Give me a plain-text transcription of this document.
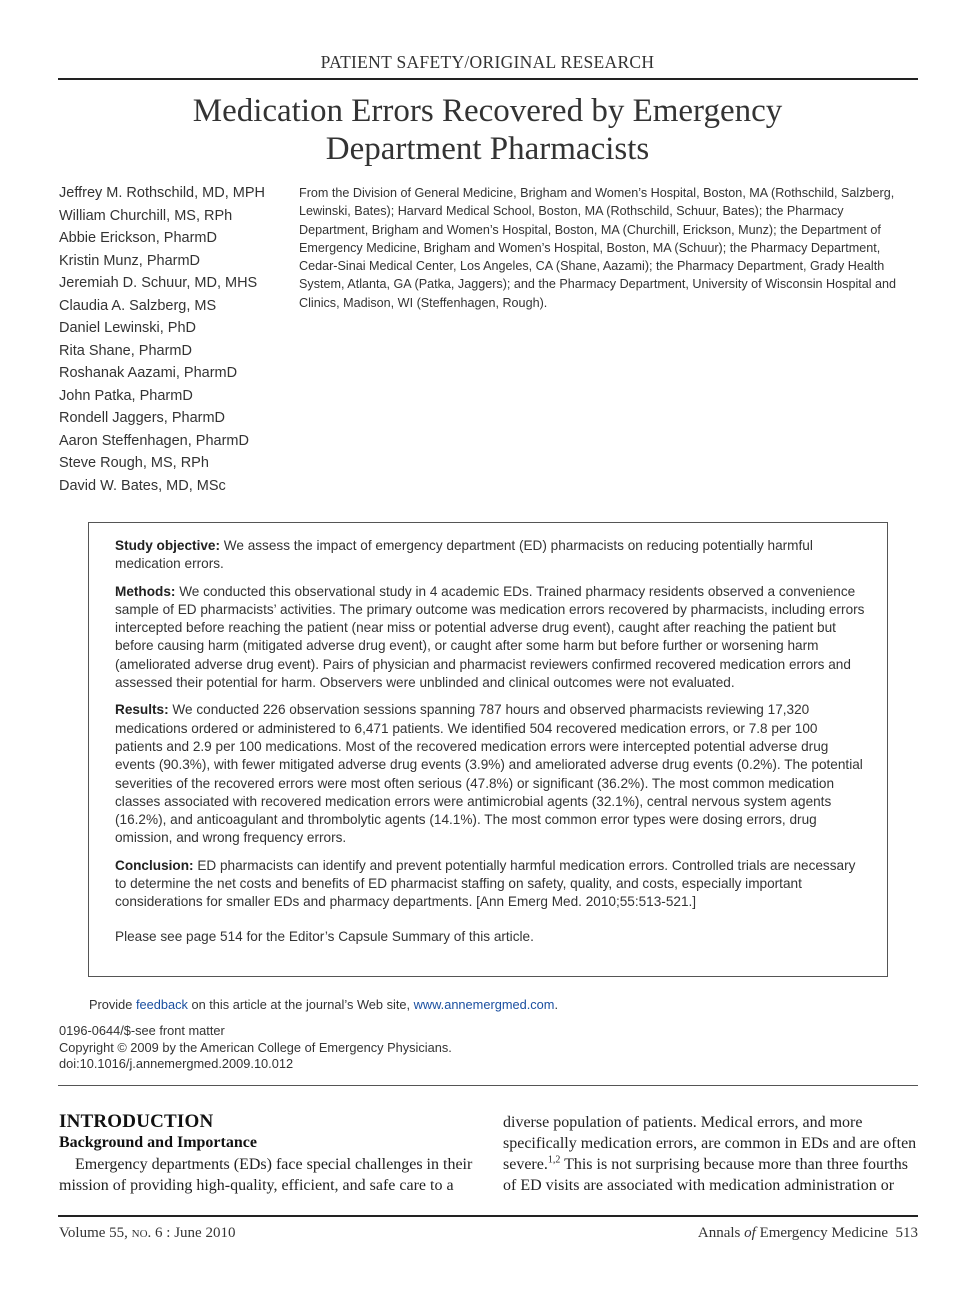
PATIENT SAFETY/ORIGINAL RESEARCH
Medication Errors Recovered by Emergency
Department Pharmacists
Jeffrey M. Rothschild, MD, MPH
William Churchill, MS, RPh
Abbie Erickson, PharmD
Kristin Munz, PharmD
Jeremiah D. Schuur, MD, MHS
Claudia A. Salzberg, MS
Daniel Lewinski, PhD
Rita Shane, PharmD
Roshanak Aazami, PharmD
John Patka, PharmD
Rondell Jaggers, PharmD
Aaron Steffenhagen, PharmD
Steve Rough, MS, RPh
David W. Bates, MD, MSc
From the Division of General Medicine, Brigham and Women’s Hospital, Boston, MA (Rothschild, Salzberg, Lewinski, Bates); Harvard Medical School, Boston, MA (Rothschild, Schuur, Bates); the Pharmacy Department, Brigham and Women’s Hospital, Boston, MA (Churchill, Erickson, Munz); the Department of Emergency Medicine, Brigham and Women’s Hospital, Boston, MA (Schuur); the Pharmacy Department, Cedar-Sinai Medical Center, Los Angeles, CA (Shane, Aazami); the Pharmacy Department, Grady Health System, Atlanta, GA (Patka, Jaggers); and the Pharmacy Department, University of Wisconsin Hospital and Clinics, Madison, WI (Steffenhagen, Rough).

Study objective: We assess the impact of emergency department (ED) pharmacists on reducing potentially harmful medication errors.

Methods: We conducted this observational study in 4 academic EDs. Trained pharmacy residents observed a convenience sample of ED pharmacists’ activities. The primary outcome was medication errors recovered by pharmacists, including errors intercepted before reaching the patient (near miss or potential adverse drug event), caught after reaching the patient but before causing harm (mitigated adverse drug event), or caught after some harm but before further or worsening harm (ameliorated adverse drug event). Pairs of physician and pharmacist reviewers confirmed recovered medication errors and assessed their potential for harm. Observers were unblinded and clinical outcomes were not evaluated.

Results: We conducted 226 observation sessions spanning 787 hours and observed pharmacists reviewing 17,320 medications ordered or administered to 6,471 patients. We identified 504 recovered medication errors, or 7.8 per 100 patients and 2.9 per 100 medications. Most of the recovered medication errors were intercepted potential adverse drug events (90.3%), with fewer mitigated adverse drug events (3.9%) and ameliorated adverse drug events (0.2%). The potential severities of the recovered errors were most often serious (47.8%) or significant (36.2%). The most common medication classes associated with recovered medication errors were antimicrobial agents (32.1%), central nervous system agents (16.2%), and anticoagulant and thrombolytic agents (14.1%). The most common error types were dosing errors, drug omission, and wrong frequency errors.

Conclusion: ED pharmacists can identify and prevent potentially harmful medication errors. Controlled trials are necessary to determine the net costs and benefits of ED pharmacist staffing on safety, quality, and costs, especially important considerations for smaller EDs and pharmacy departments. [Ann Emerg Med. 2010;55:513-521.]

Please see page 514 for the Editor’s Capsule Summary of this article.

Provide feedback on this article at the journal’s Web site, www.annemergmed.com.
0196-0644/$-see front matter
Copyright © 2009 by the American College of Emergency Physicians.
doi:10.1016/j.annemergmed.2009.10.012
INTRODUCTION
Background and Importance
Emergency departments (EDs) face special challenges in their
mission of providing high-quality, efficient, and safe care to a
diverse population of patients. Medical errors, and more
specifically medication errors, are common in EDs and are often
severe.$^{1,2}$ This is not surprising because more than three fourths
of ED visits are associated with medication administration or
Volume 55, no. 6 : June 2010	Annals of Emergency Medicine 513
